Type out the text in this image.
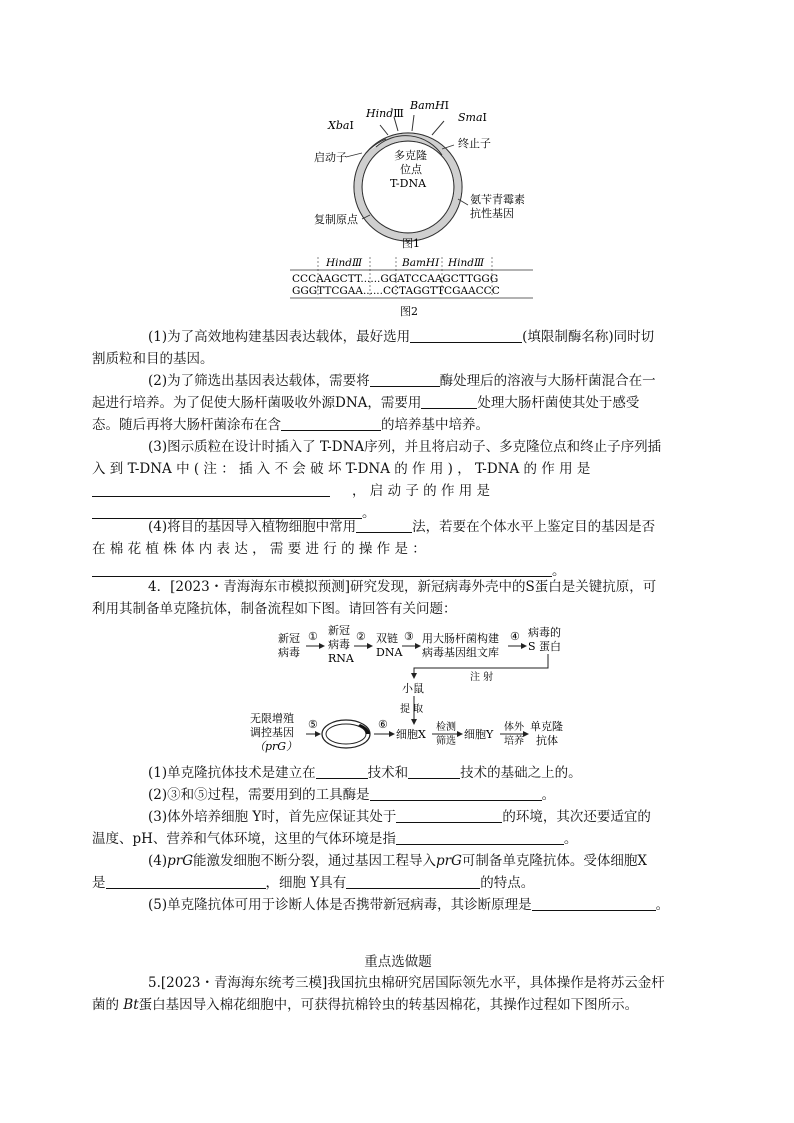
XbaⅠ
HindⅢ
BamHⅠ
SmaⅠ
启动子
终止子
多克隆
位点
T-DNA
氨苄青霉素
抗性基因
复制原点
图1
HindⅢ	BamHⅠ HindⅢ
CCCAAGCTT......GGATCCAAGCTTGGG
GGGTTCGAA......CCTAGGTTCGAACCC
图2
(1)为了高效地构建基因表达载体，最好选用	(填限制酶名称)同时切
割质粒和目的基因。
(2)为了筛选出基因表达载体，需要将	酶处理后的溶液与大肠杆菌混合在一
起进行培养。为了促使大肠杆菌吸收外源DNA，需要用	处理大肠杆菌使其处于感受
态。随后再将大肠杆菌涂布在含	的培养基中培养。
(3)图示质粒在设计时插入了 T-DNA序列，并且将启动子、多克隆位点和终止子序列插
入 到 T-DNA 中 ( 注 ： 插 入 不 会 破 坏 T-DNA 的 作 用 ) ， T-DNA 的 作 用 是
， 启 动 子 的 作 用 是
。
(4)将目的基因导入植物细胞中常用	法，若要在个体水平上鉴定目的基因是否
在 棉 花 植 株 体 内 表 达 ， 需 要 进 行 的 操 作 是 ：
。
4．[2023・青海海东市模拟预测]研究发现，新冠病毒外壳中的S蛋白是关键抗原，可
利用其制备单克隆抗体，制备流程如下图。请回答有关问题：
新冠
病毒
① 新冠
病毒
RNA
② 双链
DNA
③ 用大肠杆菌构建
病毒基因组文库
④ 病毒的
S 蛋白
注 射
小鼠
提 取
无限增殖
调控基因
（prG）
⑤	⑥
细胞X
检测
筛选
细胞Y
体外
培养
单克隆
抗体
(1)单克隆抗体技术是建立在	技术和	技术的基础之上的。
(2)③和⑤过程，需要用到的工具酶是	。
(3)体外培养细胞 Y时，首先应保证其处于	的环境，其次还要适宜的
温度、pH、营养和气体环境，这里的气体环境是指	。
(4)prG能激发细胞不断分裂，通过基因工程导入prG可制备单克隆抗体。受体细胞X
是	，细胞 Y具有	的特点。
(5)单克隆抗体可用于诊断人体是否携带新冠病毒，其诊断原理是	。
重点选做题
5.[2023・青海海东统考三模]我国抗虫棉研究居国际领先水平，具体操作是将苏云金杆
菌的 Bt蛋白基因导入棉花细胞中，可获得抗棉铃虫的转基因棉花，其操作过程如下图所示。
